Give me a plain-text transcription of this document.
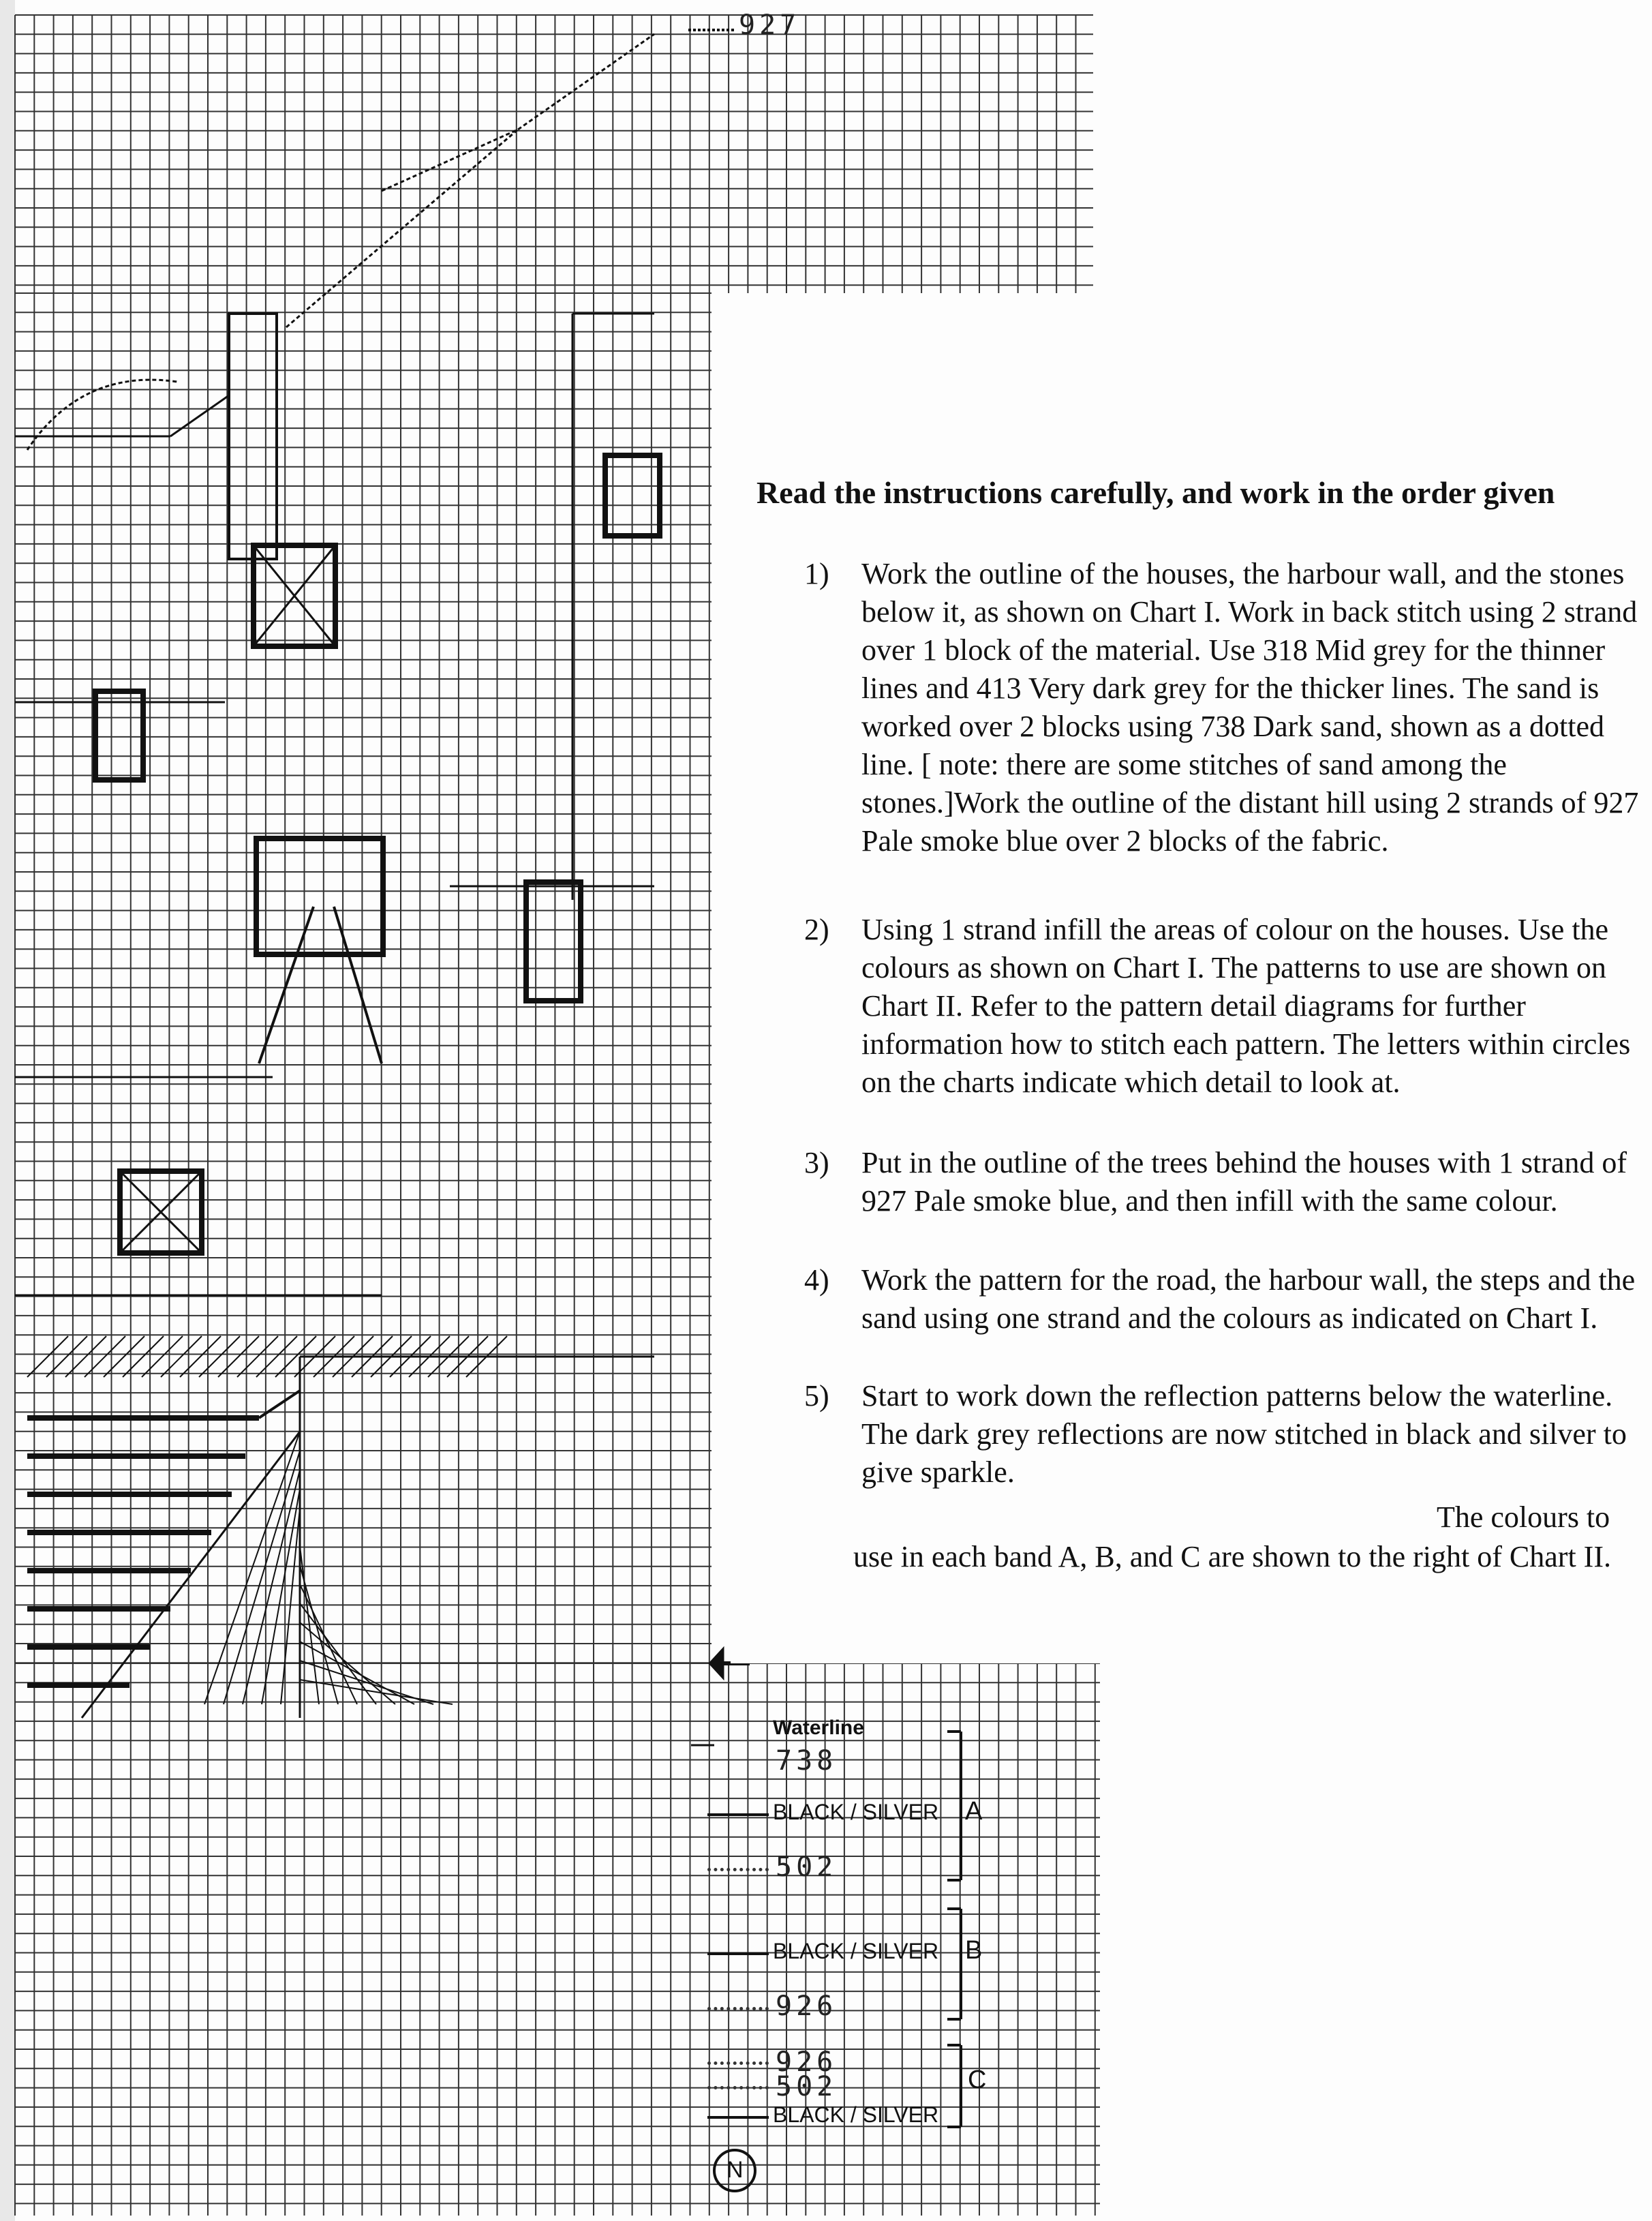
927
Read the instructions carefully, and work in the order given
1) Work the outline of the houses, the harbour wall, and the stones below it, as shown on Chart I. Work in back stitch using 2 strand over 1 block of the material. Use 318 Mid grey for the thinner lines and 413 Very dark grey for the thicker lines. The sand is worked over 2 blocks using 738 Dark sand, shown as a dotted line. [ note: there are some stitches of sand among the stones.]Work the outline of the distant hill using 2 strands of 927 Pale smoke blue over 2 blocks of the fabric.
2) Using 1 strand infill the areas of colour on the houses. Use the colours as shown on Chart I. The patterns to use are shown on Chart II. Refer to the pattern detail diagrams for further information how to stitch each pattern. The letters within circles on the charts indicate which detail to look at.
3) Put in the outline of the trees behind the houses with 1 strand of 927 Pale smoke blue, and then infill with the same colour.
4) Work the pattern for the road, the harbour wall, the steps and the sand using one strand and the colours as indicated on Chart I.
5) Start to work down the reflection patterns below the waterline. The dark grey reflections are now stitched in black and silver to give sparkle.
The colours to
use in each band A, B, and C are shown to the right of Chart II.
Waterline
738
BLACK / SILVER A
502
BLACK / SILVER B
926
926
502	C
BLACK / SILVER
N
